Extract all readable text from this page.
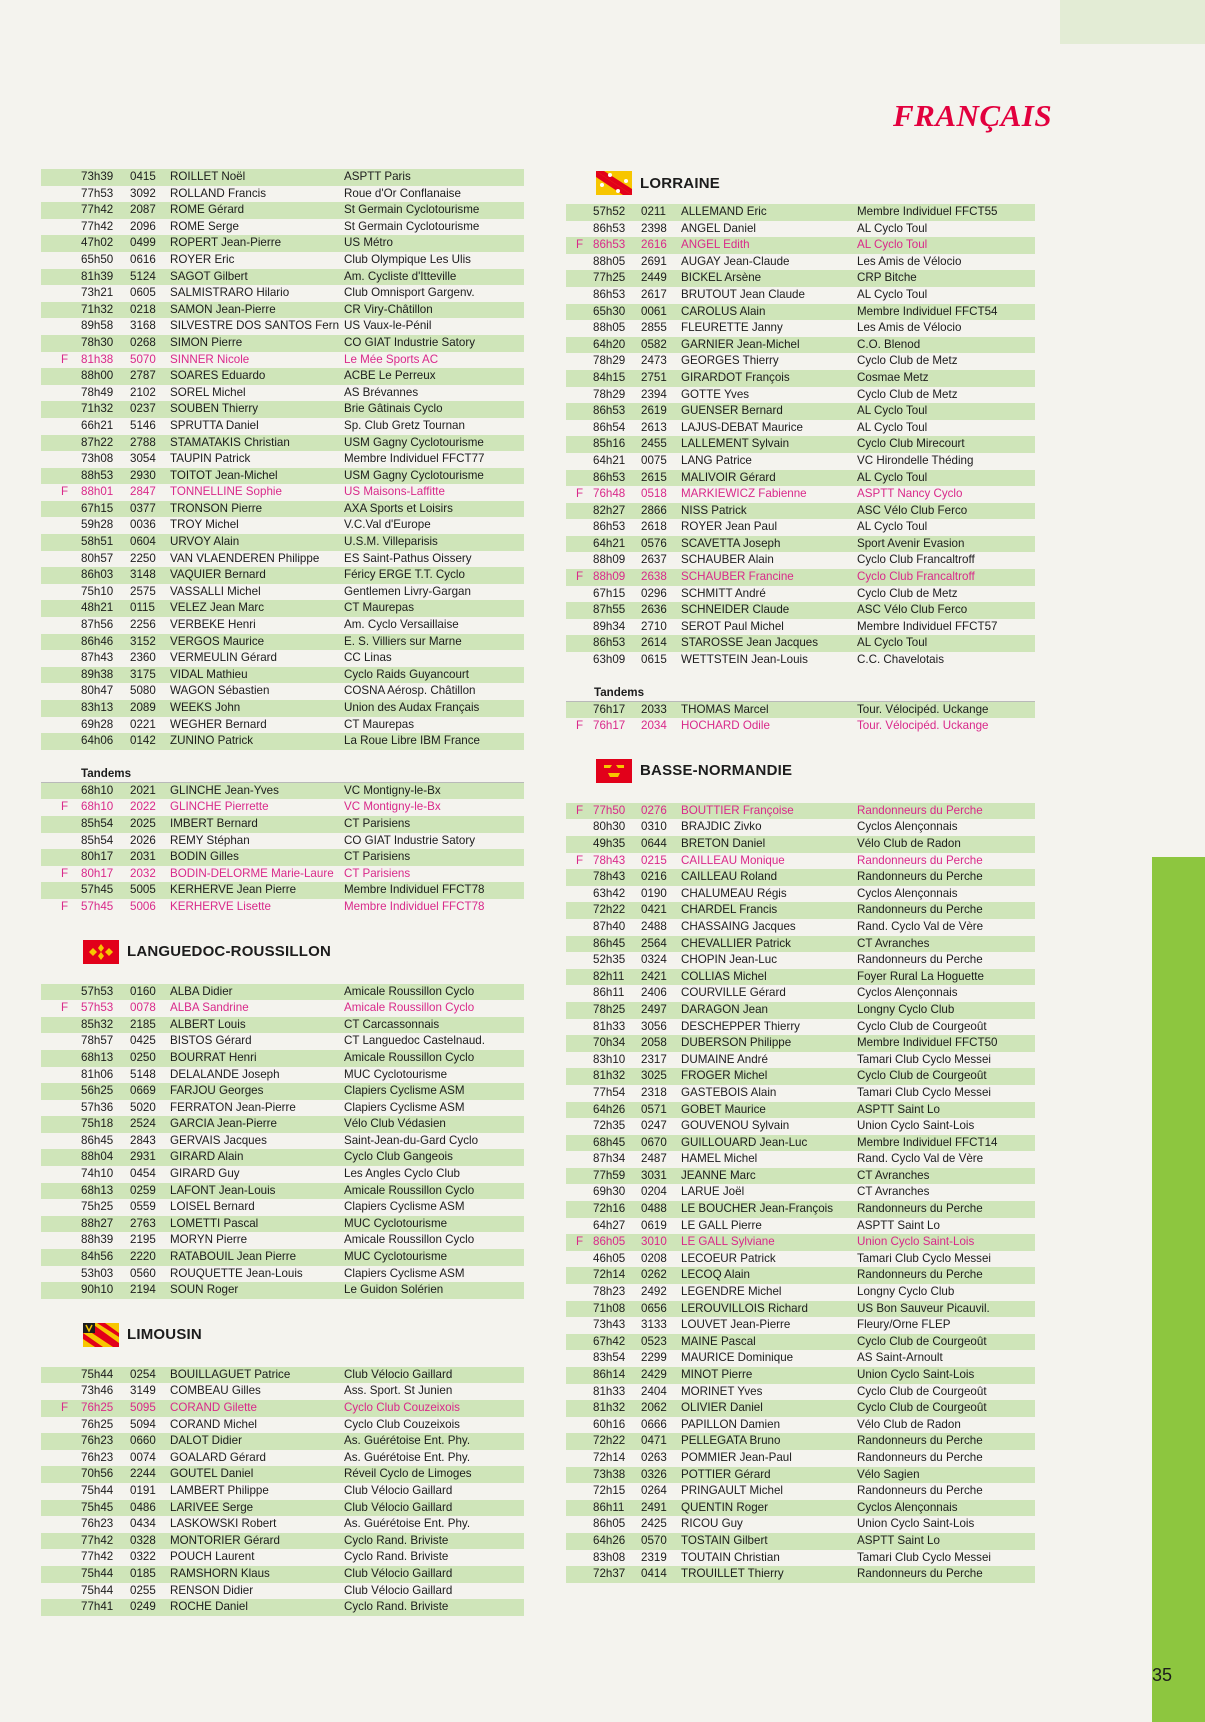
FRANÇAIS
35
73h39 0415 ROILLET Noël	ASPTT Paris
77h53 3092 ROLLAND Francis	Roue d'Or Conflanaise
77h42 2087 ROME Gérard	St Germain Cyclotourisme
77h42 2096 ROME Serge	St Germain Cyclotourisme
47h02 0499 ROPERT Jean-Pierre	US Métro
65h50 0616 ROYER Eric	Club Olympique Les Ulis
81h39 5124 SAGOT Gilbert	Am. Cycliste d'Itteville
73h21 0605 SALMISTRARO Hilario	Club Omnisport Gargenv.
71h32 0218 SAMON Jean-Pierre	CR Viry-Châtillon
89h58 3168 SILVESTRE DOS SANTOS Fern US Vaux-le-Pénil
78h30 0268 SIMON Pierre	CO GIAT Industrie Satory
F 81h38 5070 SINNER Nicole	Le Mée Sports AC
88h00 2787 SOARES Eduardo	ACBE Le Perreux
78h49 2102 SOREL Michel	AS Brévannes
71h32 0237 SOUBEN Thierry	Brie Gâtinais Cyclo
66h21 5146 SPRUTTA Daniel	Sp. Club Gretz Tournan
87h22 2788 STAMATAKIS Christian	USM Gagny Cyclotourisme
73h08 3054 TAUPIN Patrick	Membre Individuel FFCT77
88h53 2930 TOITOT Jean-Michel	USM Gagny Cyclotourisme
F 88h01 2847 TONNELLINE Sophie	US Maisons-Laffitte
67h15 0377 TRONSON Pierre	AXA Sports et Loisirs
59h28 0036 TROY Michel	V.C.Val d'Europe
58h51 0604 URVOY Alain	U.S.M. Villeparisis
80h57 2250 VAN VLAENDEREN Philippe ES Saint-Pathus Oissery
86h03 3148 VAQUIER Bernard	Féricy ERGE T.T. Cyclo
75h10 2575 VASSALLI Michel	Gentlemen Livry-Gargan
48h21 0115 VELEZ Jean Marc	CT Maurepas
87h56 2256 VERBEKE Henri	Am. Cyclo Versaillaise
86h46 3152 VERGOS Maurice	E. S. Villiers sur Marne
87h43 2360 VERMEULIN Gérard	CC Linas
89h38 3175 VIDAL Mathieu	Cyclo Raids Guyancourt
80h47 5080 WAGON Sébastien	COSNA Aérosp. Châtillon
83h13 2089 WEEKS John	Union des Audax Français
69h28 0221 WEGHER Bernard	CT Maurepas
64h06 0142 ZUNINO Patrick	La Roue Libre IBM France
Tandems
68h10 2021 GLINCHE Jean-Yves	VC Montigny-le-Bx
F 68h10 2022 GLINCHE Pierrette	VC Montigny-le-Bx
85h54 2025 IMBERT Bernard	CT Parisiens
85h54 2026 REMY Stéphan	CO GIAT Industrie Satory
80h17 2031 BODIN Gilles	CT Parisiens
F 80h17 2032 BODIN-DELORME Marie-Laure CT Parisiens
57h45 5005 KERHERVE Jean Pierre	Membre Individuel FFCT78
F 57h45 5006 KERHERVE Lisette	Membre Individuel FFCT78
LANGUEDOC-ROUSSILLON
57h53 0160 ALBA Didier	Amicale Roussillon Cyclo
F 57h53 0078 ALBA Sandrine	Amicale Roussillon Cyclo
85h32 2185 ALBERT Louis	CT Carcassonnais
78h57 0425 BISTOS Gérard	CT Languedoc Castelnaud.
68h13 0250 BOURRAT Henri	Amicale Roussillon Cyclo
81h06 5148 DELALANDE Joseph	MUC Cyclotourisme
56h25 0669 FARJOU Georges	Clapiers Cyclisme ASM
57h36 5020 FERRATON Jean-Pierre	Clapiers Cyclisme ASM
75h18 2524 GARCIA Jean-Pierre	Vélo Club Védasien
86h45 2843 GERVAIS Jacques	Saint-Jean-du-Gard Cyclo
88h04 2931 GIRARD Alain	Cyclo Club Gangeois
74h10 0454 GIRARD Guy	Les Angles Cyclo Club
68h13 0259 LAFONT Jean-Louis	Amicale Roussillon Cyclo
75h25 0559 LOISEL Bernard	Clapiers Cyclisme ASM
88h27 2763 LOMETTI Pascal	MUC Cyclotourisme
88h39 2195 MORYN Pierre	Amicale Roussillon Cyclo
84h56 2220 RATABOUIL Jean Pierre	MUC Cyclotourisme
53h03 0560 ROUQUETTE Jean-Louis	Clapiers Cyclisme ASM
90h10 2194 SOUN Roger	Le Guidon Solérien
LIMOUSIN
75h44 0254 BOUILLAGUET Patrice	Club Vélocio Gaillard
73h46 3149 COMBEAU Gilles	Ass. Sport. St Junien
F 76h25 5095 CORAND Gilette	Cyclo Club Couzeixois
76h25 5094 CORAND Michel	Cyclo Club Couzeixois
76h23 0660 DALOT Didier	As. Guérétoise Ent. Phy.
76h23 0074 GOALARD Gérard	As. Guérétoise Ent. Phy.
70h56 2244 GOUTEL Daniel	Réveil Cyclo de Limoges
75h44 0191 LAMBERT Philippe	Club Vélocio Gaillard
75h45 0486 LARIVEE Serge	Club Vélocio Gaillard
76h23 0434 LASKOWSKI Robert	As. Guérétoise Ent. Phy.
77h42 0328 MONTORIER Gérard	Cyclo Rand. Briviste
77h42 0322 POUCH Laurent	Cyclo Rand. Briviste
75h44 0185 RAMSHORN Klaus	Club Vélocio Gaillard
75h44 0255 RENSON Didier	Club Vélocio Gaillard
77h41 0249 ROCHE Daniel	Cyclo Rand. Briviste
LORRAINE
57h52 0211 ALLEMAND Eric	Membre Individuel FFCT55
86h53 2398 ANGEL Daniel	AL Cyclo Toul
F 86h53 2616 ANGEL Edith	AL Cyclo Toul
88h05 2691 AUGAY Jean-Claude	Les Amis de Vélocio
77h25 2449 BICKEL Arsène	CRP Bitche
86h53 2617 BRUTOUT Jean Claude	AL Cyclo Toul
65h30 0061 CAROLUS Alain	Membre Individuel FFCT54
88h05 2855 FLEURETTE Janny	Les Amis de Vélocio
64h20 0582 GARNIER Jean-Michel	C.O. Blenod
78h29 2473 GEORGES Thierry	Cyclo Club de Metz
84h15 2751 GIRARDOT François	Cosmae Metz
78h29 2394 GOTTE Yves	Cyclo Club de Metz
86h53 2619 GUENSER Bernard	AL Cyclo Toul
86h54 2613 LAJUS-DEBAT Maurice	AL Cyclo Toul
85h16 2455 LALLEMENT Sylvain	Cyclo Club Mirecourt
64h21 0075 LANG Patrice	VC Hirondelle Théding
86h53 2615 MALIVOIR Gérard	AL Cyclo Toul
F 76h48 0518 MARKIEWICZ Fabienne	ASPTT Nancy Cyclo
82h27 2866 NISS Patrick	ASC Vélo Club Ferco
86h53 2618 ROYER Jean Paul	AL Cyclo Toul
64h21 0576 SCAVETTA Joseph	Sport Avenir Evasion
88h09 2637 SCHAUBER Alain	Cyclo Club Francaltroff
F 88h09 2638 SCHAUBER Francine	Cyclo Club Francaltroff
67h15 0296 SCHMITT André	Cyclo Club de Metz
87h55 2636 SCHNEIDER Claude	ASC Vélo Club Ferco
89h34 2710 SEROT Paul Michel	Membre Individuel FFCT57
86h53 2614 STAROSSE Jean Jacques	AL Cyclo Toul
63h09 0615 WETTSTEIN Jean-Louis	C.C. Chavelotais
Tandems
76h17 2033 THOMAS Marcel	Tour. Vélocipéd. Uckange
F 76h17 2034 HOCHARD Odile	Tour. Vélocipéd. Uckange
BASSE-NORMANDIE
F 77h50 0276 BOUTTIER Françoise	Randonneurs du Perche
80h30 0310 BRAJDIC Zivko	Cyclos Alençonnais
49h35 0644 BRETON Daniel	Vélo Club de Radon
F 78h43 0215 CAILLEAU Monique	Randonneurs du Perche
78h43 0216 CAILLEAU Roland	Randonneurs du Perche
63h42 0190 CHALUMEAU Régis	Cyclos Alençonnais
72h22 0421 CHARDEL Francis	Randonneurs du Perche
87h40 2488 CHASSAING Jacques	Rand. Cyclo Val de Vère
86h45 2564 CHEVALLIER Patrick	CT Avranches
52h35 0324 CHOPIN Jean-Luc	Randonneurs du Perche
82h11 2421 COLLIAS Michel	Foyer Rural La Hoguette
86h11 2406 COURVILLE Gérard	Cyclos Alençonnais
78h25 2497 DARAGON Jean	Longny Cyclo Club
81h33 3056 DESCHEPPER Thierry	Cyclo Club de Courgeoût
70h34 2058 DUBERSON Philippe	Membre Individuel FFCT50
83h10 2317 DUMAINE André	Tamari Club Cyclo Messei
81h32 3025 FROGER Michel	Cyclo Club de Courgeoût
77h54 2318 GASTEBOIS Alain	Tamari Club Cyclo Messei
64h26 0571 GOBET Maurice	ASPTT Saint Lo
72h35 0247 GOUVENOU Sylvain	Union Cyclo Saint-Lois
68h45 0670 GUILLOUARD Jean-Luc	Membre Individuel FFCT14
87h34 2487 HAMEL Michel	Rand. Cyclo Val de Vère
77h59 3031 JEANNE Marc	CT Avranches
69h30 0204 LARUE Joël	CT Avranches
72h16 0488 LE BOUCHER Jean-François Randonneurs du Perche
64h27 0619 LE GALL Pierre	ASPTT Saint Lo
F 86h05 3010 LE GALL Sylviane	Union Cyclo Saint-Lois
46h05 0208 LECOEUR Patrick	Tamari Club Cyclo Messei
72h14 0262 LECOQ Alain	Randonneurs du Perche
78h23 2492 LEGENDRE Michel	Longny Cyclo Club
71h08 0656 LEROUVILLOIS Richard	US Bon Sauveur Picauvil.
73h43 3133 LOUVET Jean-Pierre	Fleury/Orne FLEP
67h42 0523 MAINE Pascal	Cyclo Club de Courgeoût
83h54 2299 MAURICE Dominique	AS Saint-Arnoult
86h14 2429 MINOT Pierre	Union Cyclo Saint-Lois
81h33 2404 MORINET Yves	Cyclo Club de Courgeoût
81h32 2062 OLIVIER Daniel	Cyclo Club de Courgeoût
60h16 0666 PAPILLON Damien	Vélo Club de Radon
72h22 0471 PELLEGATA Bruno	Randonneurs du Perche
72h14 0263 POMMIER Jean-Paul	Randonneurs du Perche
73h38 0326 POTTIER Gérard	Vélo Sagien
72h15 0264 PRINGAULT Michel	Randonneurs du Perche
86h11 2491 QUENTIN Roger	Cyclos Alençonnais
86h05 2425 RICOU Guy	Union Cyclo Saint-Lois
64h26 0570 TOSTAIN Gilbert	ASPTT Saint Lo
83h08 2319 TOUTAIN Christian	Tamari Club Cyclo Messei
72h37 0414 TROUILLET Thierry	Randonneurs du Perche
